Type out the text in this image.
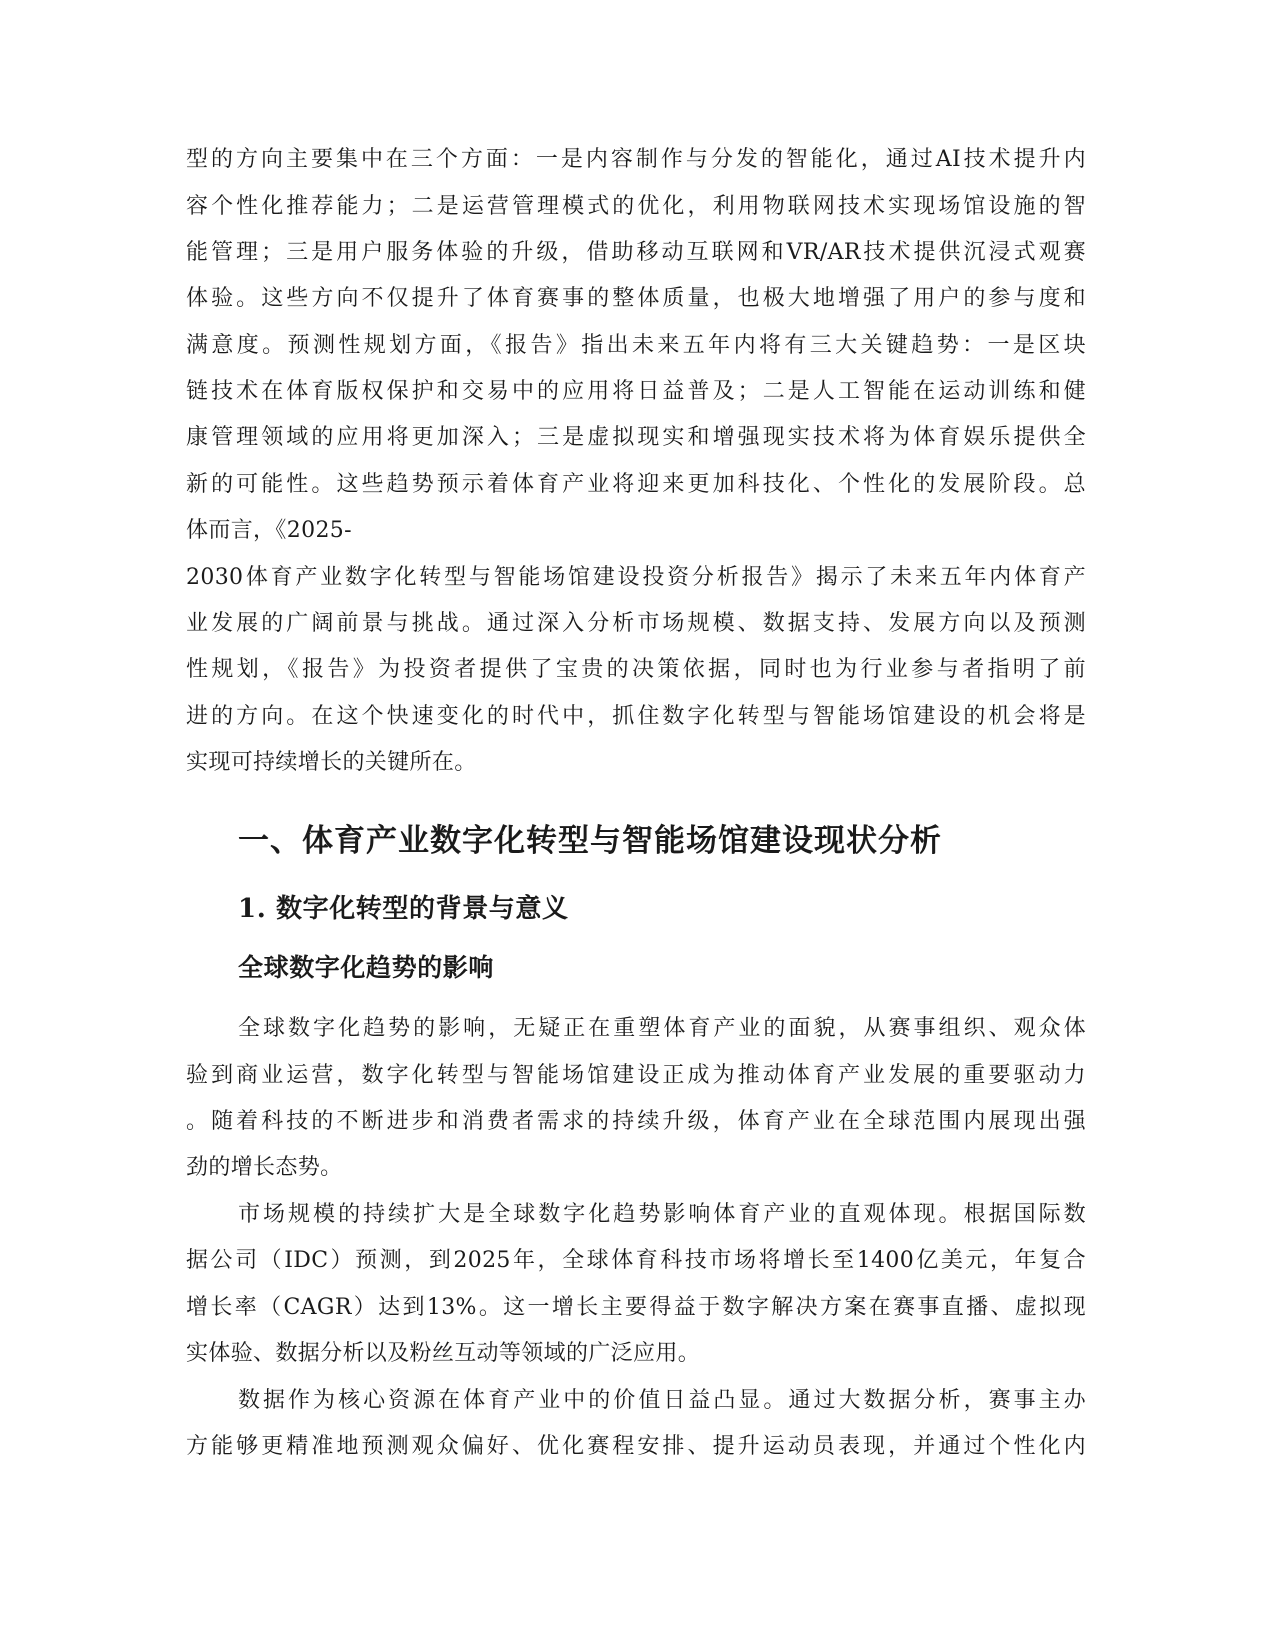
型的方向主要集中在三个方面：一是内容制作与分发的智能化，通过AI技术提升内
容个性化推荐能力；二是运营管理模式的优化，利用物联网技术实现场馆设施的智
能管理；三是用户服务体验的升级，借助移动互联网和VR/AR技术提供沉浸式观赛
体验。这些方向不仅提升了体育赛事的整体质量，也极大地增强了用户的参与度和
满意度。预测性规划方面，《报告》指出未来五年内将有三大关键趋势：一是区块
链技术在体育版权保护和交易中的应用将日益普及；二是人工智能在运动训练和健
康管理领域的应用将更加深入；三是虚拟现实和增强现实技术将为体育娱乐提供全
新的可能性。这些趋势预示着体育产业将迎来更加科技化、个性化的发展阶段。总
体而言，《2025-
2030体育产业数字化转型与智能场馆建设投资分析报告》揭示了未来五年内体育产
业发展的广阔前景与挑战。通过深入分析市场规模、数据支持、发展方向以及预测
性规划，《报告》为投资者提供了宝贵的决策依据，同时也为行业参与者指明了前
进的方向。在这个快速变化的时代中，抓住数字化转型与智能场馆建设的机会将是
实现可持续增长的关键所在。
一、体育产业数字化转型与智能场馆建设现状分析
1. 数字化转型的背景与意义
全球数字化趋势的影响
全球数字化趋势的影响，无疑正在重塑体育产业的面貌，从赛事组织、观众体
验到商业运营，数字化转型与智能场馆建设正成为推动体育产业发展的重要驱动力
。随着科技的不断进步和消费者需求的持续升级，体育产业在全球范围内展现出强
劲的增长态势。
市场规模的持续扩大是全球数字化趋势影响体育产业的直观体现。根据国际数
据公司（IDC）预测，到2025年，全球体育科技市场将增长至1400亿美元，年复合
增长率（CAGR）达到13%。这一增长主要得益于数字解决方案在赛事直播、虚拟现
实体验、数据分析以及粉丝互动等领域的广泛应用。
数据作为核心资源在体育产业中的价值日益凸显。通过大数据分析，赛事主办
方能够更精准地预测观众偏好、优化赛程安排、提升运动员表现，并通过个性化内
